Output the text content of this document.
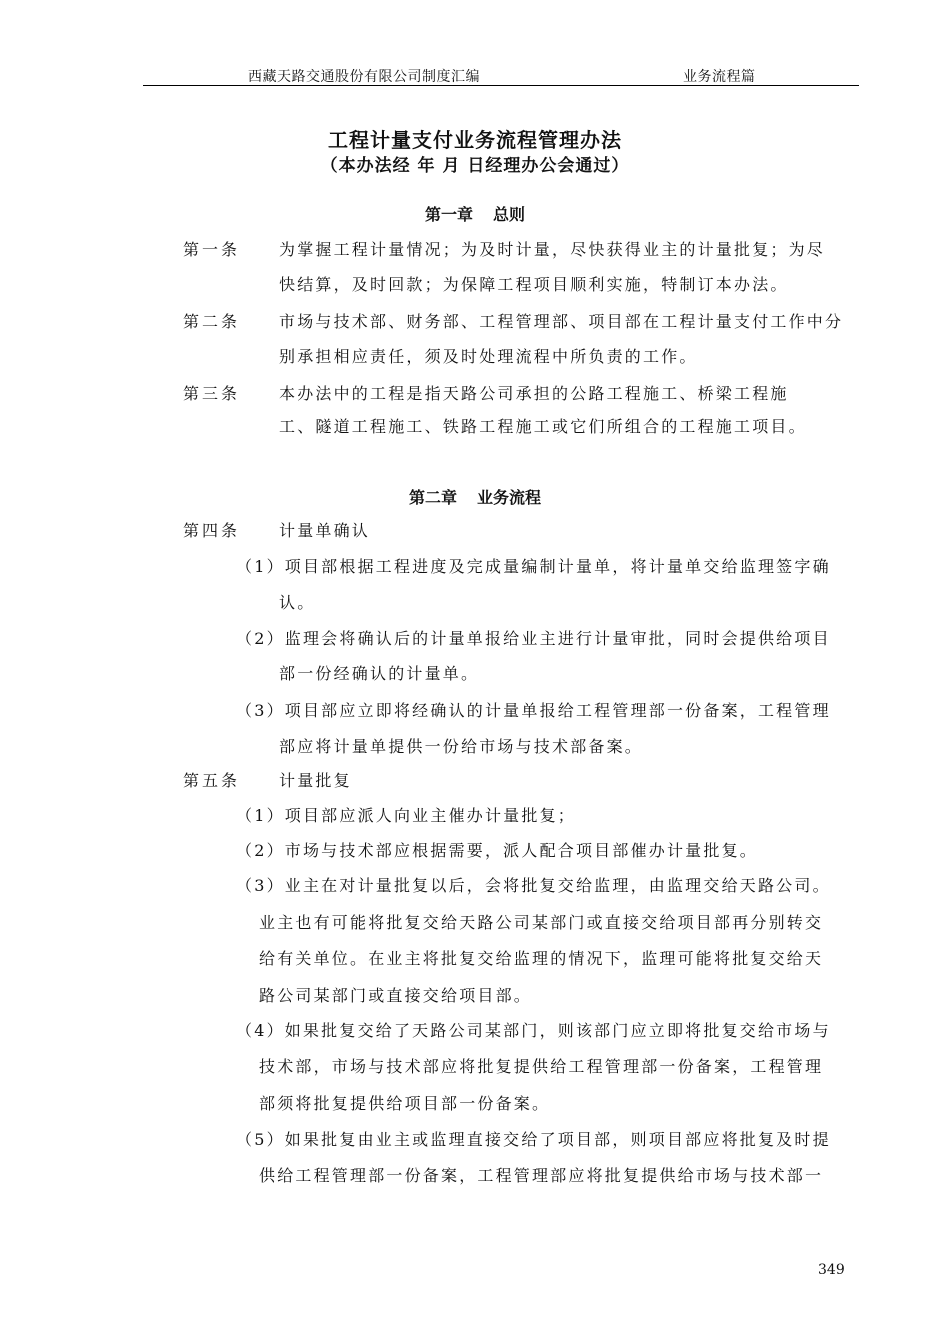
西藏天路交通股份有限公司制度汇编	业务流程篇
工程计量支付业务流程管理办法
（本办法经 年 月 日经理办公会通过）
第一章 总则
第一条 为掌握工程计量情况；为及时计量，尽快获得业主的计量批复；为尽
快结算，及时回款；为保障工程项目顺利实施，特制订本办法。
第二条 市场与技术部、财务部、工程管理部、项目部在工程计量支付工作中分
别承担相应责任，须及时处理流程中所负责的工作。
第三条 本办法中的工程是指天路公司承担的公路工程施工、桥梁工程施
工、隧道工程施工、铁路工程施工或它们所组合的工程施工项目。
第二章 业务流程
第四条 计量单确认
（1）项目部根据工程进度及完成量编制计量单，将计量单交给监理签字确
认。
（2）监理会将确认后的计量单报给业主进行计量审批，同时会提供给项目
部一份经确认的计量单。
（3）项目部应立即将经确认的计量单报给工程管理部一份备案，工程管理
部应将计量单提供一份给市场与技术部备案。
第五条 计量批复
（1）项目部应派人向业主催办计量批复；
（2）市场与技术部应根据需要，派人配合项目部催办计量批复。
（3）业主在对计量批复以后，会将批复交给监理，由监理交给天路公司。
业主也有可能将批复交给天路公司某部门或直接交给项目部再分别转交
给有关单位。在业主将批复交给监理的情况下，监理可能将批复交给天
路公司某部门或直接交给项目部。
（4）如果批复交给了天路公司某部门，则该部门应立即将批复交给市场与
技术部，市场与技术部应将批复提供给工程管理部一份备案，工程管理
部须将批复提供给项目部一份备案。
（5）如果批复由业主或监理直接交给了项目部，则项目部应将批复及时提
供给工程管理部一份备案，工程管理部应将批复提供给市场与技术部一
349
